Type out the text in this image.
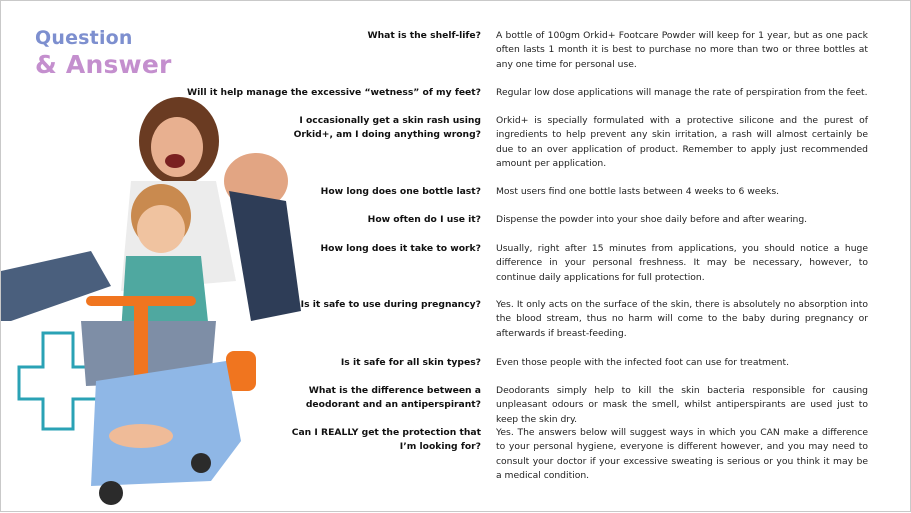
Question
& Answer
What is the shelf-life? A bottle of 100gm Orkid+ Footcare Powder will keep for 1 year, but as one pack often lasts 1 month it is best to purchase no more than two or three bottles at any one time for personal use.
Will it help manage the excessive “wetness” of my feet? Regular low dose applications will manage the rate of perspiration from the feet.
I occasionally get a skin rash using Orkid+, am I doing anything wrong?
Orkid+ is specially formulated with a protective silicone and the purest of ingredients to help prevent any skin irritation, a rash will almost certainly be due to an over application of product. Remember to apply just recommended amount per application.
How long does one bottle last? Most users find one bottle lasts between 4 weeks to 6 weeks.
How often do I use it? Dispense the powder into your shoe daily before and after wearing.
How long does it take to work? Usually, right after 15 minutes from applications, you should notice a huge difference in your personal freshness. It may be necessary, however, to continue daily applications for full protection.
Is it safe to use during pregnancy? Yes. It only acts on the surface of the skin, there is absolutely no absorption into the blood stream, thus no harm will come to the baby during pregnancy or afterwards if breast-feeding.
Is it safe for all skin types? Even those people with the infected foot can use for treatment.
What is the difference between a deodorant and an antiperspirant?
Deodorants simply help to kill the skin bacteria responsible for causing unpleasant odours or mask the smell, whilst antiperspirants are used just to keep the skin dry.
Can I REALLY get the protection that I’m looking for?
Yes. The answers below will suggest ways in which you CAN make a difference to your personal hygiene, everyone is different however, and you may need to consult your doctor if your excessive sweating is serious or you think it may be a medical condition.
